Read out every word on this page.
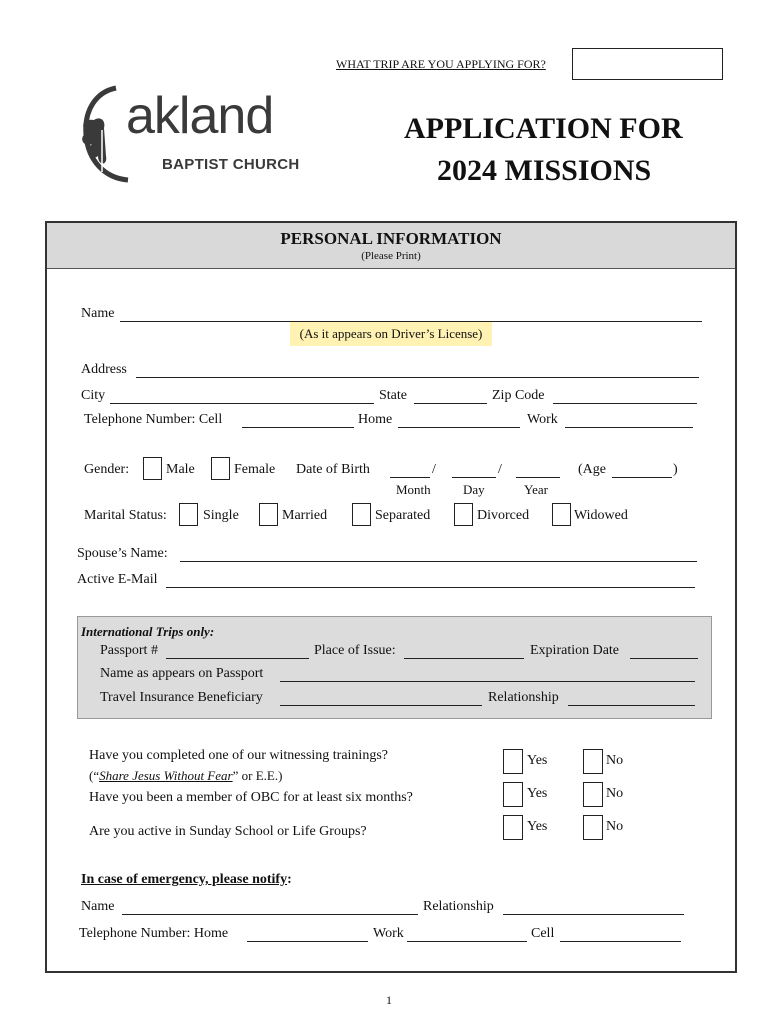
WHAT TRIP ARE YOU APPLYING FOR?
akland
BAPTIST CHURCH
APPLICATION FOR
2024 MISSIONS
PERSONAL INFORMATION
(Please Print)
Name
(As it appears on Driver’s License)
Address
City	State	Zip Code
Telephone Number: Cell	Home	Work
Gender:	Male	Female Date of Birth	/	/	(Age	)
Month Day	Year
Marital Status:	Single	Married	Separated	Divorced	Widowed
Spouse’s Name:
Active E-Mail
International Trips only:
Passport #	Place of Issue:	Expiration Date
Name as appears on Passport
Travel Insurance Beneficiary	Relationship
Have you completed one of our witnessing trainings?
(“Share Jesus Without Fear” or E.E.)
Yes	No
Have you been a member of OBC for at least six months?	Yes	No
Are you active in Sunday School or Life Groups?	Yes	No
In case of emergency, please notify:
Name	Relationship
Telephone Number: Home	Work	Cell
1
